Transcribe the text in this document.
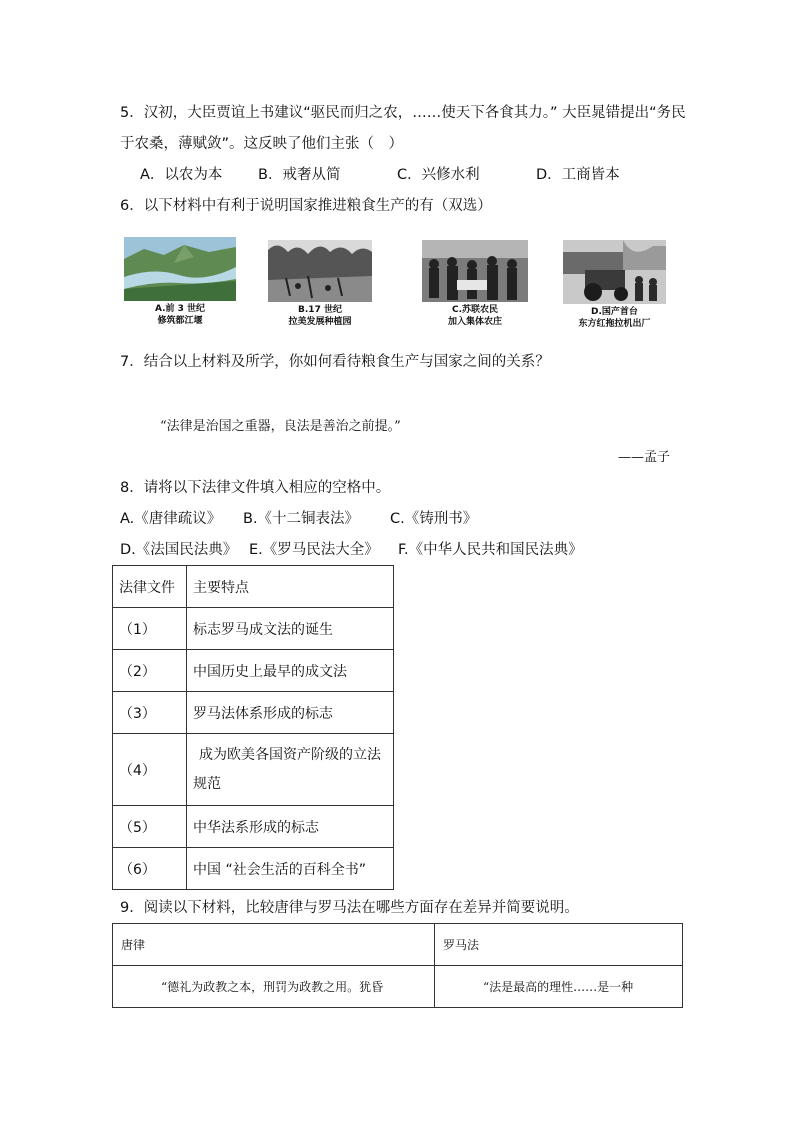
5．汉初，大臣贾谊上书建议“驱民而归之农，……使天下各食其力。” 大臣晁错提出“务民
于农桑，薄赋敛”。这反映了他们主张（　）
A．以农为本 B．戒奢从简	C．兴修水利	D．工商皆本
6．以下材料中有利于说明国家推进粮食生产的有（双选）
A.前 3 世纪
修筑都江堰
B.17 世纪
拉美发展种植园
C.苏联农民
加入集体农庄
D.国产首台
东方红拖拉机出厂
7．结合以上材料及所学，你如何看待粮食生产与国家之间的关系？
“法律是治国之重器，良法是善治之前提。”
——孟子
8．请将以下法律文件填入相应的空格中。
A.《唐律疏议》 B.《十二铜表法》 C.《铸刑书》
D.《法国民法典》 E.《罗马民法大全》 F.《中华人民共和国民法典》
法律文件	主要特点
（1）	标志罗马成文法的诞生
（2）	中国历史上最早的成文法
（3）	罗马法体系形成的标志
（4）	成为欧美各国资产阶级的立法
规范

（5）	中华法系形成的标志
（6）	中国 “社会生活的百科全书”
9．阅读以下材料，比较唐律与罗马法在哪些方面存在差异并简要说明。
唐律	罗马法
“德礼为政教之本，刑罚为政教之用。犹昏	“法是最高的理性……是一种
